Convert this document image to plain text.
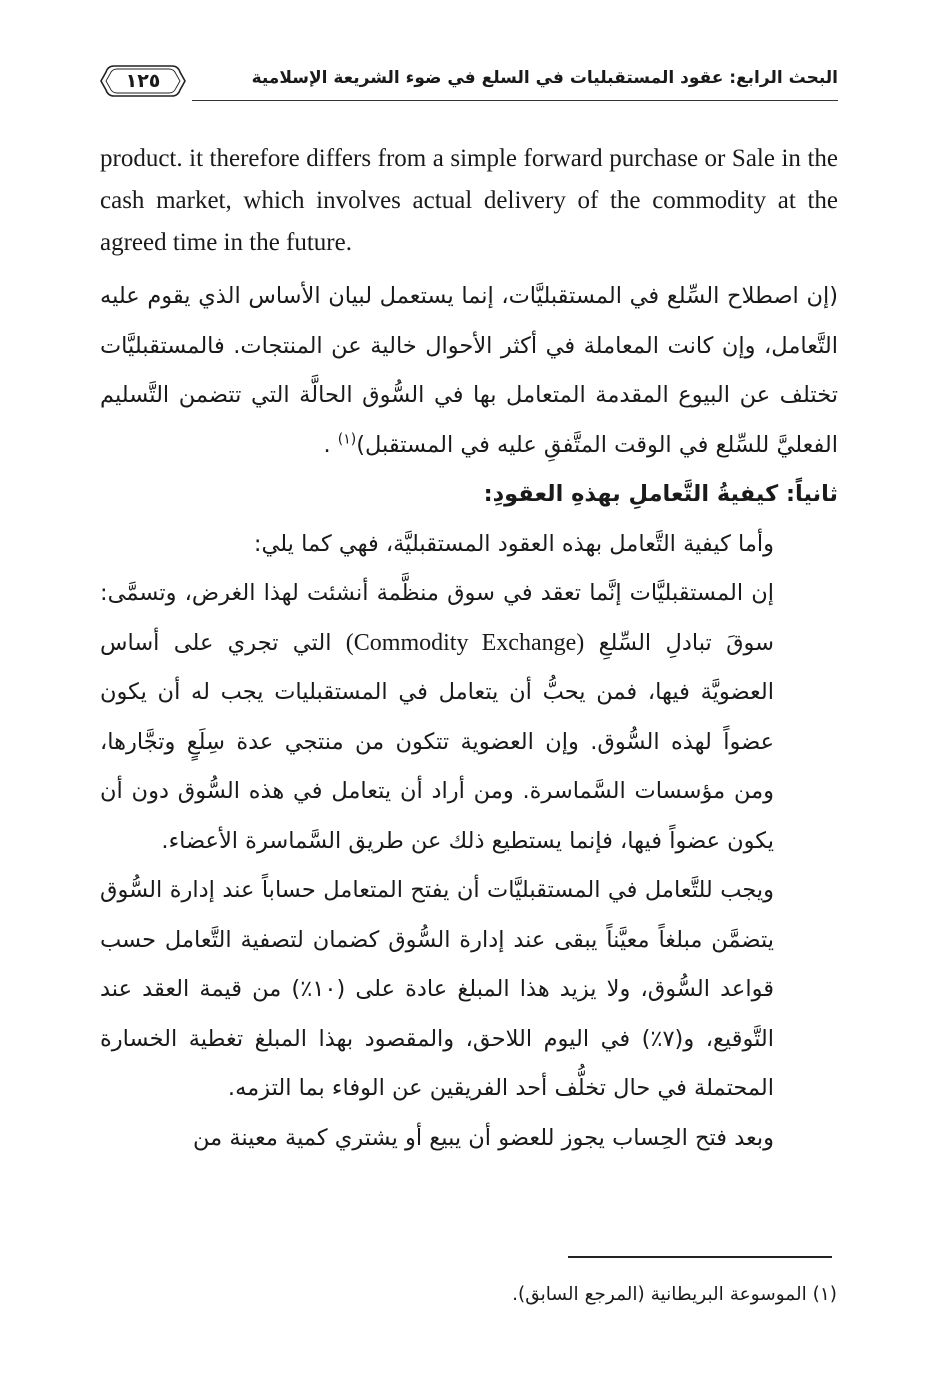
١٢٥	البحث الرابع: عقود المستقبليات في السلع في ضوء الشريعة الإسلامية

product. it therefore differs from a simple forward purchase or Sale in the cash market, which involves actual delivery of the commodity at the agreed time in the future.

(إن اصطلاح السِّلع في المستقبليَّات، إنما يستعمل لبيان الأساس الذي يقوم عليه التَّعامل، وإن كانت المعاملة في أكثر الأحوال خالية عن المنتجات. فالمستقبليَّات تختلف عن البيوع المقدمة المتعامل بها في السُّوق الحالَّة التي تتضمن التَّسليم الفعليَّ للسِّلع في الوقت المتَّفقِ عليه في المستقبل)$^{(١)}$ .

ثانياً: كيفيةُ التَّعاملِ بهذهِ العقودِ:

وأما كيفية التَّعامل بهذه العقود المستقبليَّة، فهي كما يلي:

إن المستقبليَّات إنَّما تعقد في سوق منظَّمة أنشئت لهذا الغرض، وتسمَّى: سوقَ تبادلِ السِّلعِ (Commodity Exchange) التي تجري على أساس العضويَّة فيها، فمن يحبُّ أن يتعامل في المستقبليات يجب له أن يكون عضواً لهذه السُّوق. وإن العضوية تتكون من منتجي عدة سِلَعٍ وتجَّارها، ومن مؤسسات السَّماسرة. ومن أراد أن يتعامل في هذه السُّوق دون أن يكون عضواً فيها، فإنما يستطيع ذلك عن طريق السَّماسرة الأعضاء.

ويجب للتَّعامل في المستقبليَّات أن يفتح المتعامل حساباً عند إدارة السُّوق يتضمَّن مبلغاً معيَّناً يبقى عند إدارة السُّوق كضمان لتصفية التَّعامل حسب قواعد السُّوق، ولا يزيد هذا المبلغ عادة على (١٠٪) من قيمة العقد عند التَّوقيع، و(٧٪) في اليوم اللاحق، والمقصود بهذا المبلغ تغطية الخسارة المحتملة في حال تخلُّف أحد الفريقين عن الوفاء بما التزمه.

وبعد فتح الحِساب يجوز للعضو أن يبيع أو يشتري كمية معينة من

(١) الموسوعة البريطانية (المرجع السابق).
